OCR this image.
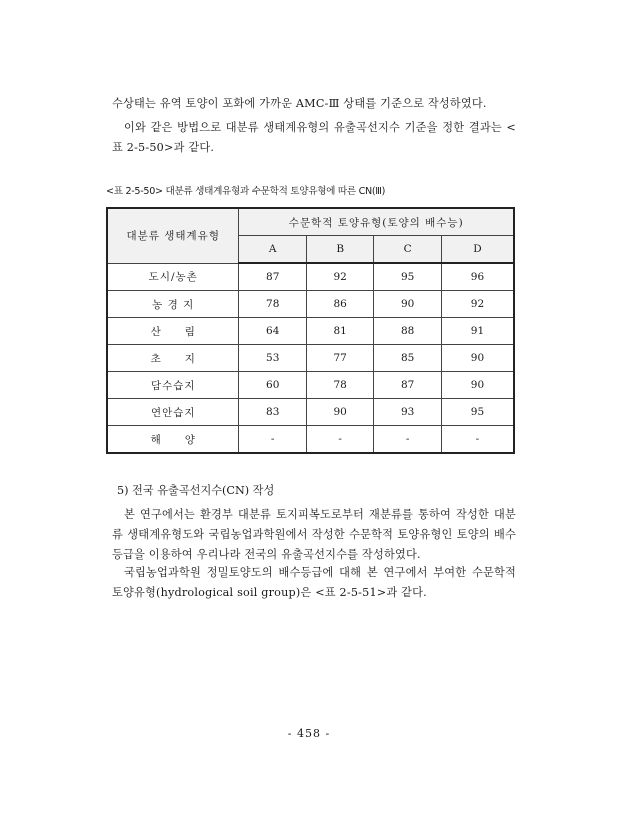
수상태는 유역 토양이 포화에 가까운 AMC-Ⅲ 상태를 기준으로 작성하였다.

이와 같은 방법으로 대분류 생태계유형의 유출곡선지수 기준을 정한 결과는 <표 2-5-50>과 같다.

<표 2-5-50> 대분류 생태계유형과 수문학적 토양유형에 따른 CN(Ⅲ)

대분류 생태계유형	수문학적 토양유형(토양의 배수능)			
	A	B	C	D
도시/농촌	87	92	95	96
농 경 지	78	86	90	92
산　　림	64	81	88	91
초　　지	53	77	85	90
담수습지	60	78	87	90
연안습지	83	90	93	95
해　　양	-	-	-	-

5) 전국 유출곡선지수(CN) 작성

본 연구에서는 환경부 대분류 토지피복도로부터 재분류를 통하여 작성한 대분류 생태계유형도와 국립농업과학원에서 작성한 수문학적 토양유형인 토양의 배수등급을 이용하여 우리나라 전국의 유출곡선지수를 작성하였다.

국립농업과학원 정밀토양도의 배수등급에 대해 본 연구에서 부여한 수문학적 토양유형(hydrological soil group)은 <표 2-5-51>과 같다.

- 458 -
